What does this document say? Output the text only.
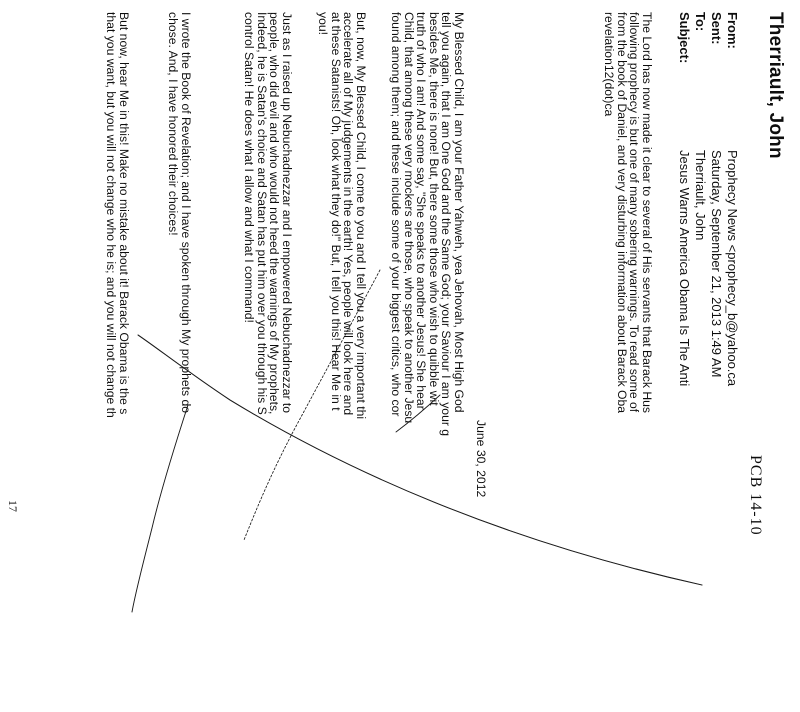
Therriault, John
PCB 14-10
From:
Prophecy News <prophecy_b@yahoo.ca
Sent:
Saturday, September 21, 2013 1:49 AM
To:
Therriault, John
Subject:
Jesus Warns America Obama Is The Anti
The Lord has now made it clear to several of His servants that Barack Hus
following prophecy is but one of many sobering warnings. To read some of
from the book of Daniel, and very disturbing information about Barack Oba
revelation12(dot)ca
June 30, 2012
My Blessed Child, I am your Father Yahweh, yea Jehovah, Most High God
tell you again, that I am One God and the Same God; your Saviour I am your g
besides Me, there is none! But, there some those who wish to quibble wit
truth of who I am! And some say, "She speaks to another Jesus! She hear
Child, that among these very mockers are those, who speak to another Jesu
found among them; and these include some of your biggest critics, who cor
But, now, My Blessed Child, I come to you and I tell you a very important thi
accelerate all of My judgements in the earth! Yes, people will look here and
at these Satanists! Oh, look what they do!" But, I tell you this! Hear Me in t
you!
Just as I raised up Nebuchadnezzar and I empowered Nebuchadnezzar to
people, who did evil and who would not heed the warnings of My prophets,
Indeed, he is Satan's choice and Satan has put him over you through his S
control Satan! He does what I allow and what I command!
I wrote the Book of Revelation; and I have spoken through My prophets do
chose. And, I have honored their choices!
But now, hear Me in this! Make no mistake about it! Barack Obama is the s
that you want, but you will not change who he is; and you will not change th
17
